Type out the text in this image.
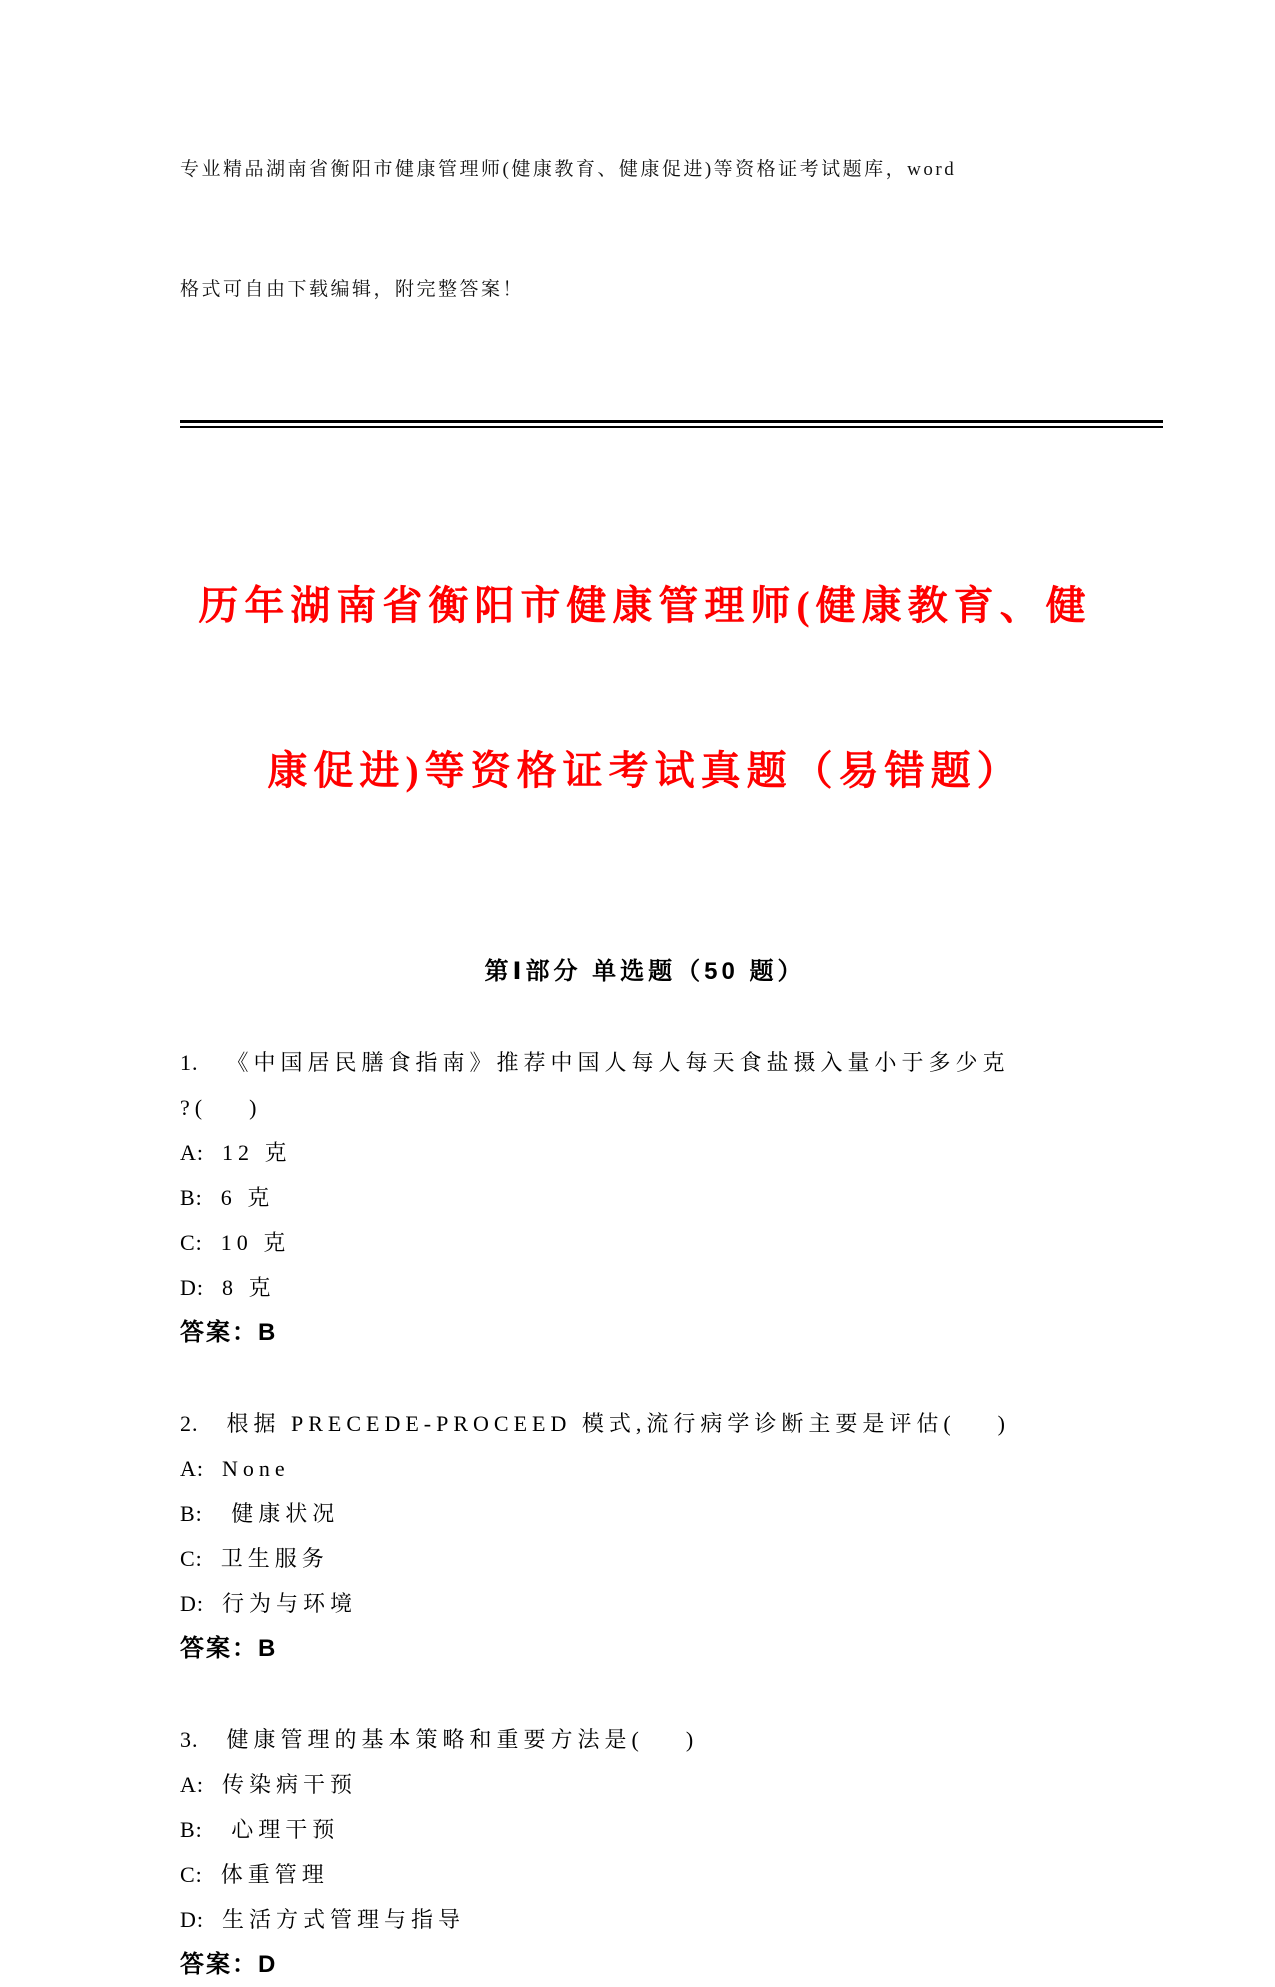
专业精品湖南省衡阳市健康管理师(健康教育、健康促进)等资格证考试题库，word

格式可自由下载编辑，附完整答案！

历年湖南省衡阳市健康管理师(健康教育、健

康促进)等资格证考试真题（易错题）

第Ⅰ部分 单选题（50 题）
1. 《中国居民膳食指南》推荐中国人每人每天食盐摄入量小于多少克
?(    )
A: 12 克
B: 6 克
C: 10 克
D: 8 克
答案：B
2. 根据 PRECEDE-PROCEED 模式,流行病学诊断主要是评估(    )
A: None
B: 健康状况
C: 卫生服务
D: 行为与环境
答案：B
3. 健康管理的基本策略和重要方法是(    )
A: 传染病干预
B: 心理干预
C: 体重管理
D: 生活方式管理与指导
答案：D
